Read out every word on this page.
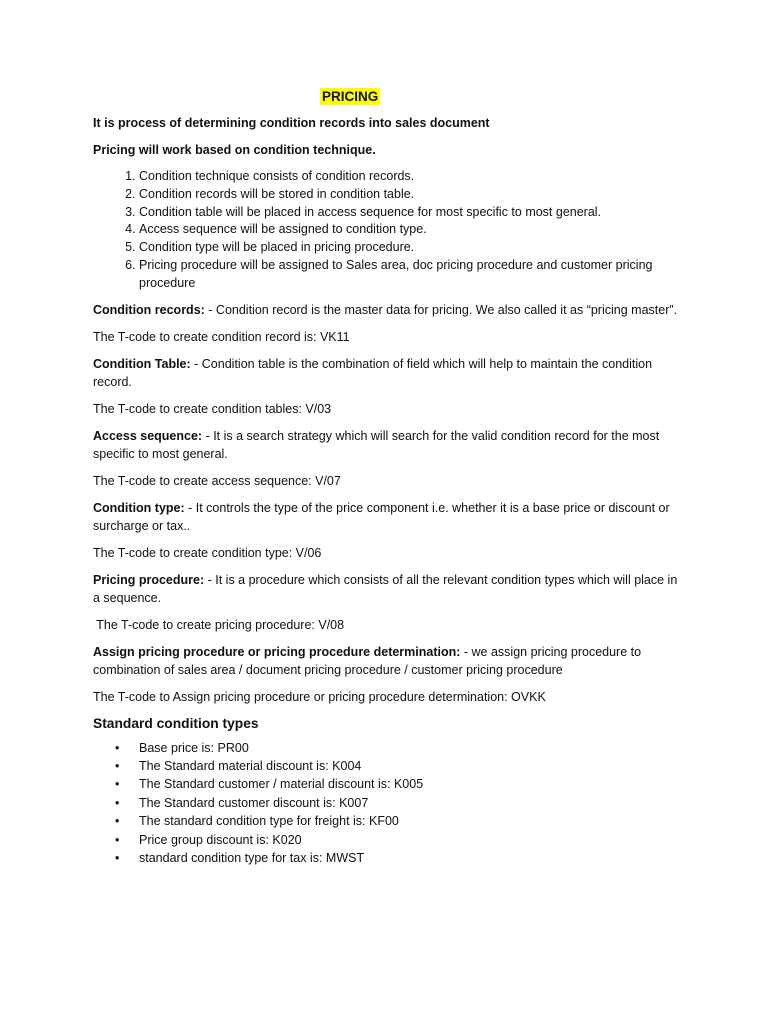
PRICING

It is process of determining condition records into sales document

Pricing will work based on condition technique.

1. Condition technique consists of condition records.
2. Condition records will be stored in condition table.
3. Condition table will be placed in access sequence for most specific to most general.
4. Access sequence will be assigned to condition type.
5. Condition type will be placed in pricing procedure.
6. Pricing procedure will be assigned to Sales area, doc pricing procedure and customer pricing procedure

Condition records: - Condition record is the master data for pricing. We also called it as “pricing master”.

The T-code to create condition record is: VK11

Condition Table: - Condition table is the combination of field which will help to maintain the condition record.

The T-code to create condition tables: V/03

Access sequence: - It is a search strategy which will search for the valid condition record for the most specific to most general.

The T-code to create access sequence: V/07

Condition type: - It controls the type of the price component i.e. whether it is a base price or discount or surcharge or tax..

The T-code to create condition type: V/06

Pricing procedure: - It is a procedure which consists of all the relevant condition types which will place in a sequence.

The T-code to create pricing procedure: V/08

Assign pricing procedure or pricing procedure determination: - we assign pricing procedure to combination of sales area / document pricing procedure / customer pricing procedure

The T-code to Assign pricing procedure or pricing procedure determination: OVKK

Standard condition types
• Base price is: PR00
• The Standard material discount is: K004
• The Standard customer / material discount is: K005
• The Standard customer discount is: K007
• The standard condition type for freight is: KF00
• Price group discount is: K020
• standard condition type for tax is: MWST
